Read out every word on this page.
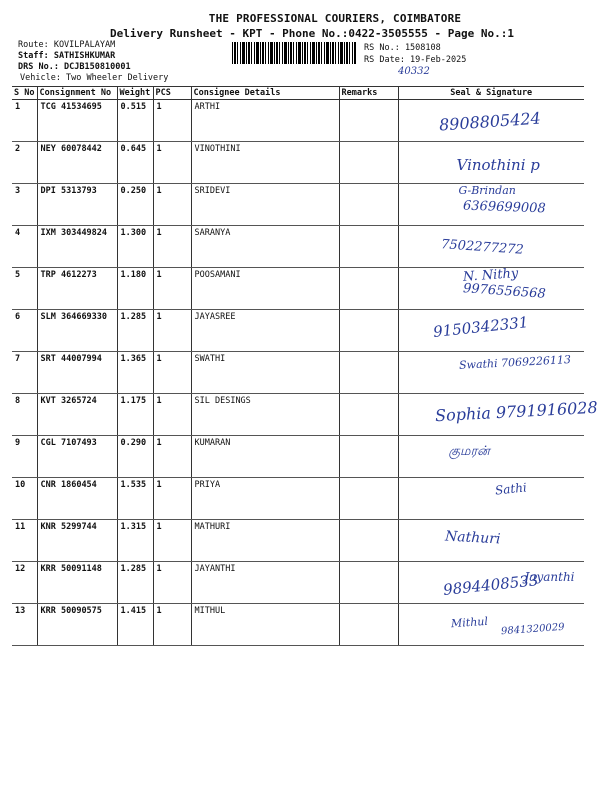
THE PROFESSIONAL COURIERS, COIMBATORE
Delivery Runsheet - KPT - Phone No.:0422-3505555 - Page No.:1
Route: KOVILPALAYAM
Staff: SATHISHKUMAR
DRS No.: DCJB150810001
Vehicle: Two Wheeler Delivery
RS No.: 1508108
RS Date: 19-Feb-2025
40332
S No	Consignment No	Weight	PCS	Consignee Details	Remarks	Seal & Signature
1	TCG 41534695	0.515	1	ARTHI		8908805424

2	NEY 60078442	0.645	1	VINOTHINI		Vinothini p

3	DPI 5313793	0.250	1	SRIDEVI		G-Brindan
6369699008

4	IXM 303449824	1.300	1	SARANYA		7502277272

5	TRP 4612273	1.180	1	POOSAMANI		N. Nithy
9976556568

6	SLM 364669330	1.285	1	JAYASREE		9150342331

7	SRT 44007994	1.365	1	SWATHI		Swathi 7069226113

8	KVT 3265724	1.175	1	SIL DESINGS		Sophia 9791916028

9	CGL 7107493	0.290	1	KUMARAN		குமரன்

10	CNR 1860454	1.535	1	PRIYA		Sathi

11	KNR 5299744	1.315	1	MATHURI		Nathuri

12	KRR 50091148	1.285	1	JAYANTHI		9894408533
Jayanthi

13	KRR 50090575	1.415	1	MITHUL		Mithul 9841320029
